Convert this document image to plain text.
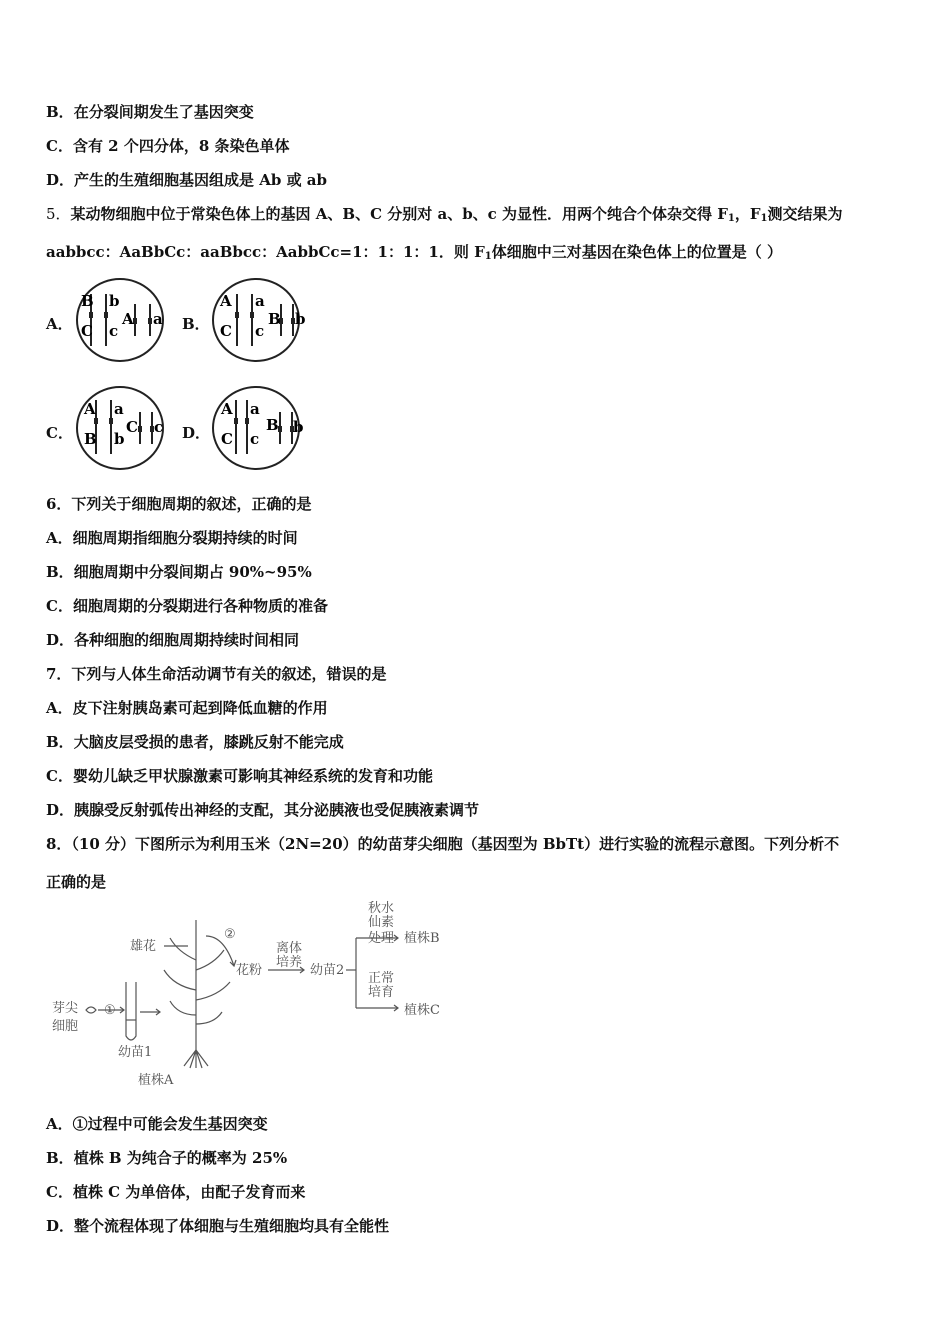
B．在分裂间期发生了基因突变
C．含有 2 个四分体，8 条染色单体
D．产生的生殖细胞基因组成是 Ab 或 ab
5．某动物细胞中位于常染色体上的基因 A、B、C 分别对 a、b、c 为显性．用两个纯合个体杂交得 $F_1$，$F_1$测交结果为
aabbcc：AaBbCc：aaBbcc：AabbCc=1：1：1：1．则 $F_1$体细胞中三对基因在染色体上的位置是（ ）
A．	B．
C．	D．
B b
C c
A a
A a
C c
B b
A a
B b
C c
A a
C c
B b
6．下列关于细胞周期的叙述，正确的是
A．细胞周期指细胞分裂期持续的时间
B．细胞周期中分裂间期占 90%~95%
C．细胞周期的分裂期进行各种物质的准备
D．各种细胞的细胞周期持续时间相同
7．下列与人体生命活动调节有关的叙述，错误的是
A．皮下注射胰岛素可起到降低血糖的作用
B．大脑皮层受损的患者，膝跳反射不能完成
C．婴幼儿缺乏甲状腺激素可影响其神经系统的发育和功能
D．胰腺受反射弧传出神经的支配，其分泌胰液也受促胰液素调节
8．（10 分）下图所示为利用玉米（2N=20）的幼苗芽尖细胞（基因型为 BbTt）进行实验的流程示意图。下列分析不
正确的是
芽尖细胞
①
幼苗1
植株A
雄花
②
花粉
离体培养
幼苗2
秋水仙素处理 植株B
正常培育
植株C
A．①过程中可能会发生基因突变
B．植株 B 为纯合子的概率为 25%
C．植株 C 为单倍体，由配子发育而来
D．整个流程体现了体细胞与生殖细胞均具有全能性
